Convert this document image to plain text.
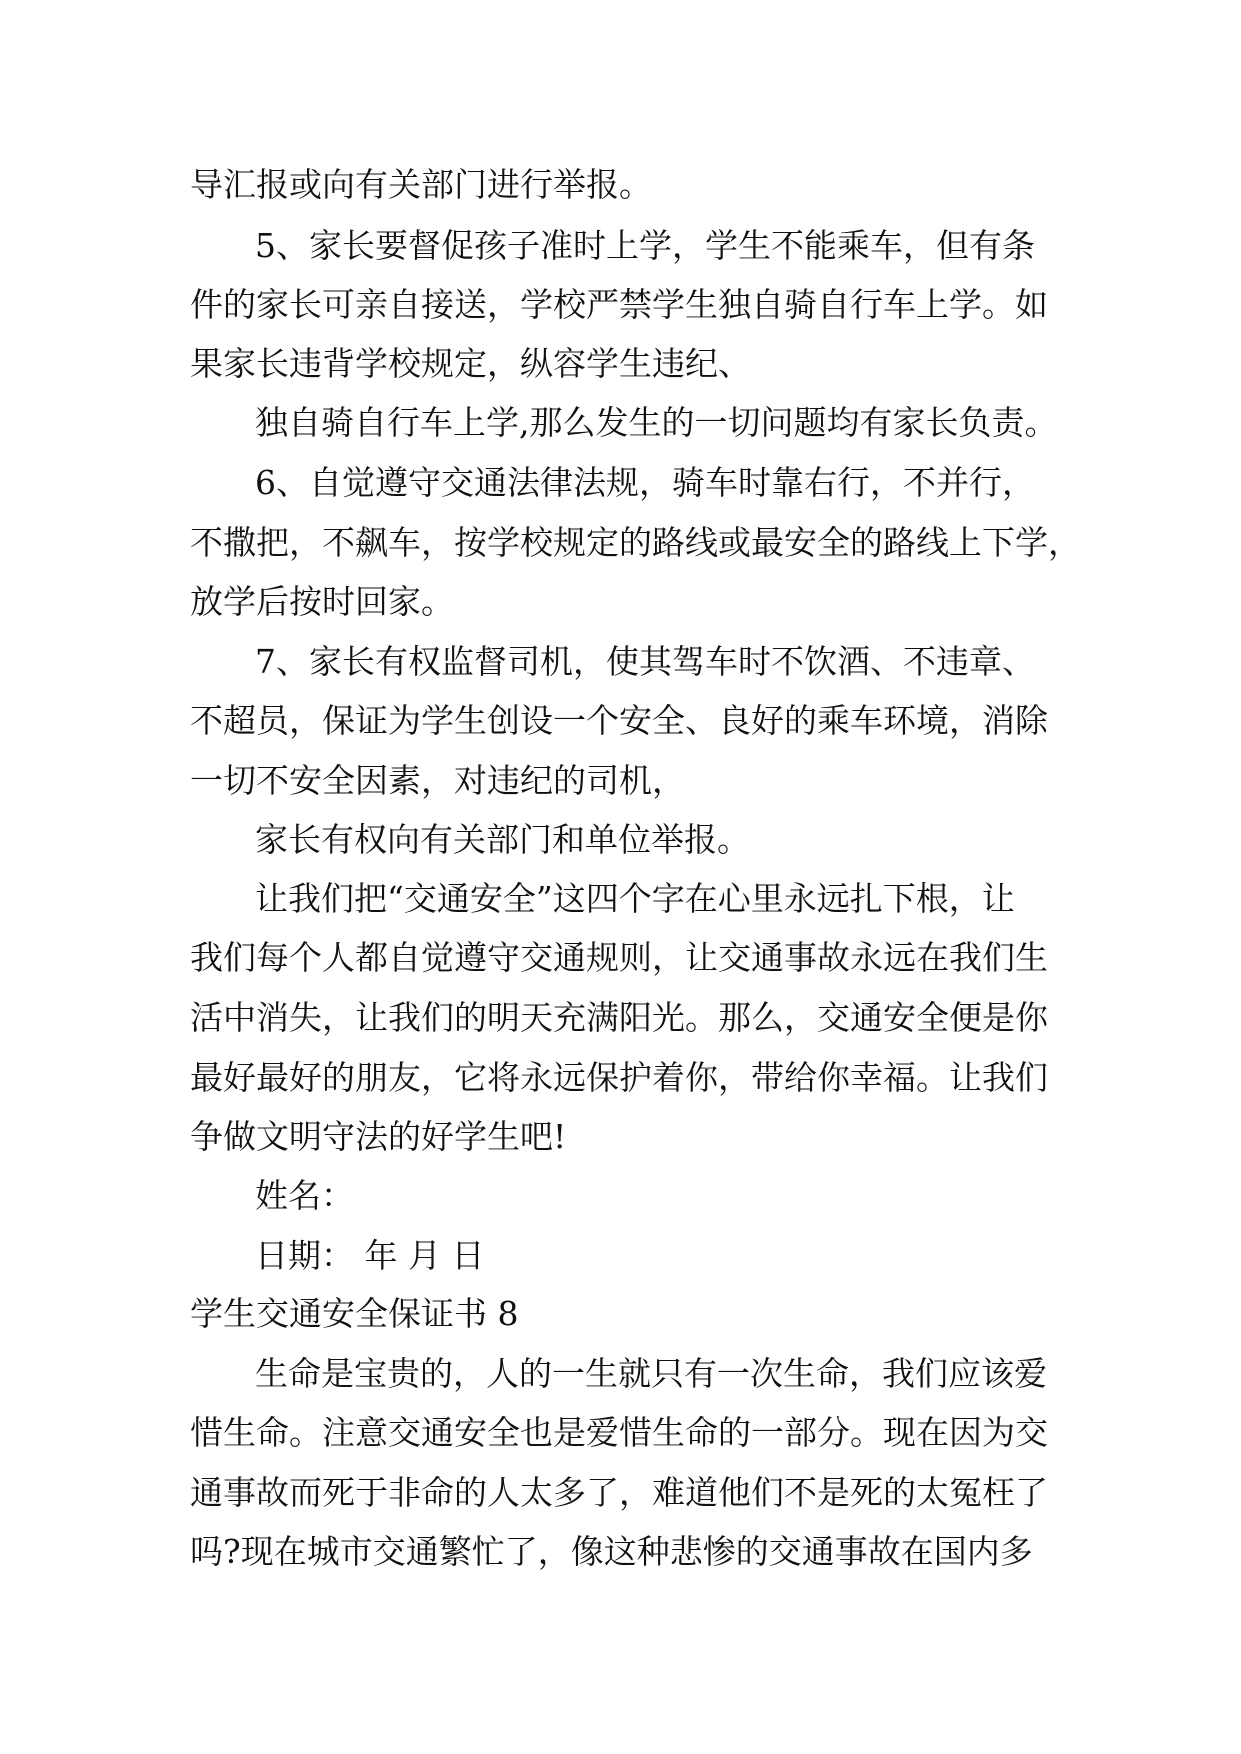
导汇报或向有关部门进行举报。

5、家长要督促孩子准时上学，学生不能乘车，但有条

件的家长可亲自接送，学校严禁学生独自骑自行车上学。如

果家长违背学校规定，纵容学生违纪、

独自骑自行车上学,那么发生的一切问题均有家长负责。

6、自觉遵守交通法律法规，骑车时靠右行，不并行，

不撒把，不飙车，按学校规定的路线或最安全的路线上下学，

放学后按时回家。

7、家长有权监督司机，使其驾车时不饮酒、不违章、

不超员，保证为学生创设一个安全、良好的乘车环境，消除

一切不安全因素，对违纪的司机，

家长有权向有关部门和单位举报。

让我们把“交通安全”这四个字在心里永远扎下根，让

我们每个人都自觉遵守交通规则，让交通事故永远在我们生

活中消失，让我们的明天充满阳光。那么，交通安全便是你

最好最好的朋友，它将永远保护着你，带给你幸福。让我们

争做文明守法的好学生吧!

姓名：

日期： 年 月 日

学生交通安全保证书 8

生命是宝贵的，人的一生就只有一次生命，我们应该爱

惜生命。注意交通安全也是爱惜生命的一部分。现在因为交

通事故而死于非命的人太多了，难道他们不是死的太冤枉了

吗?现在城市交通繁忙了，像这种悲惨的交通事故在国内多
